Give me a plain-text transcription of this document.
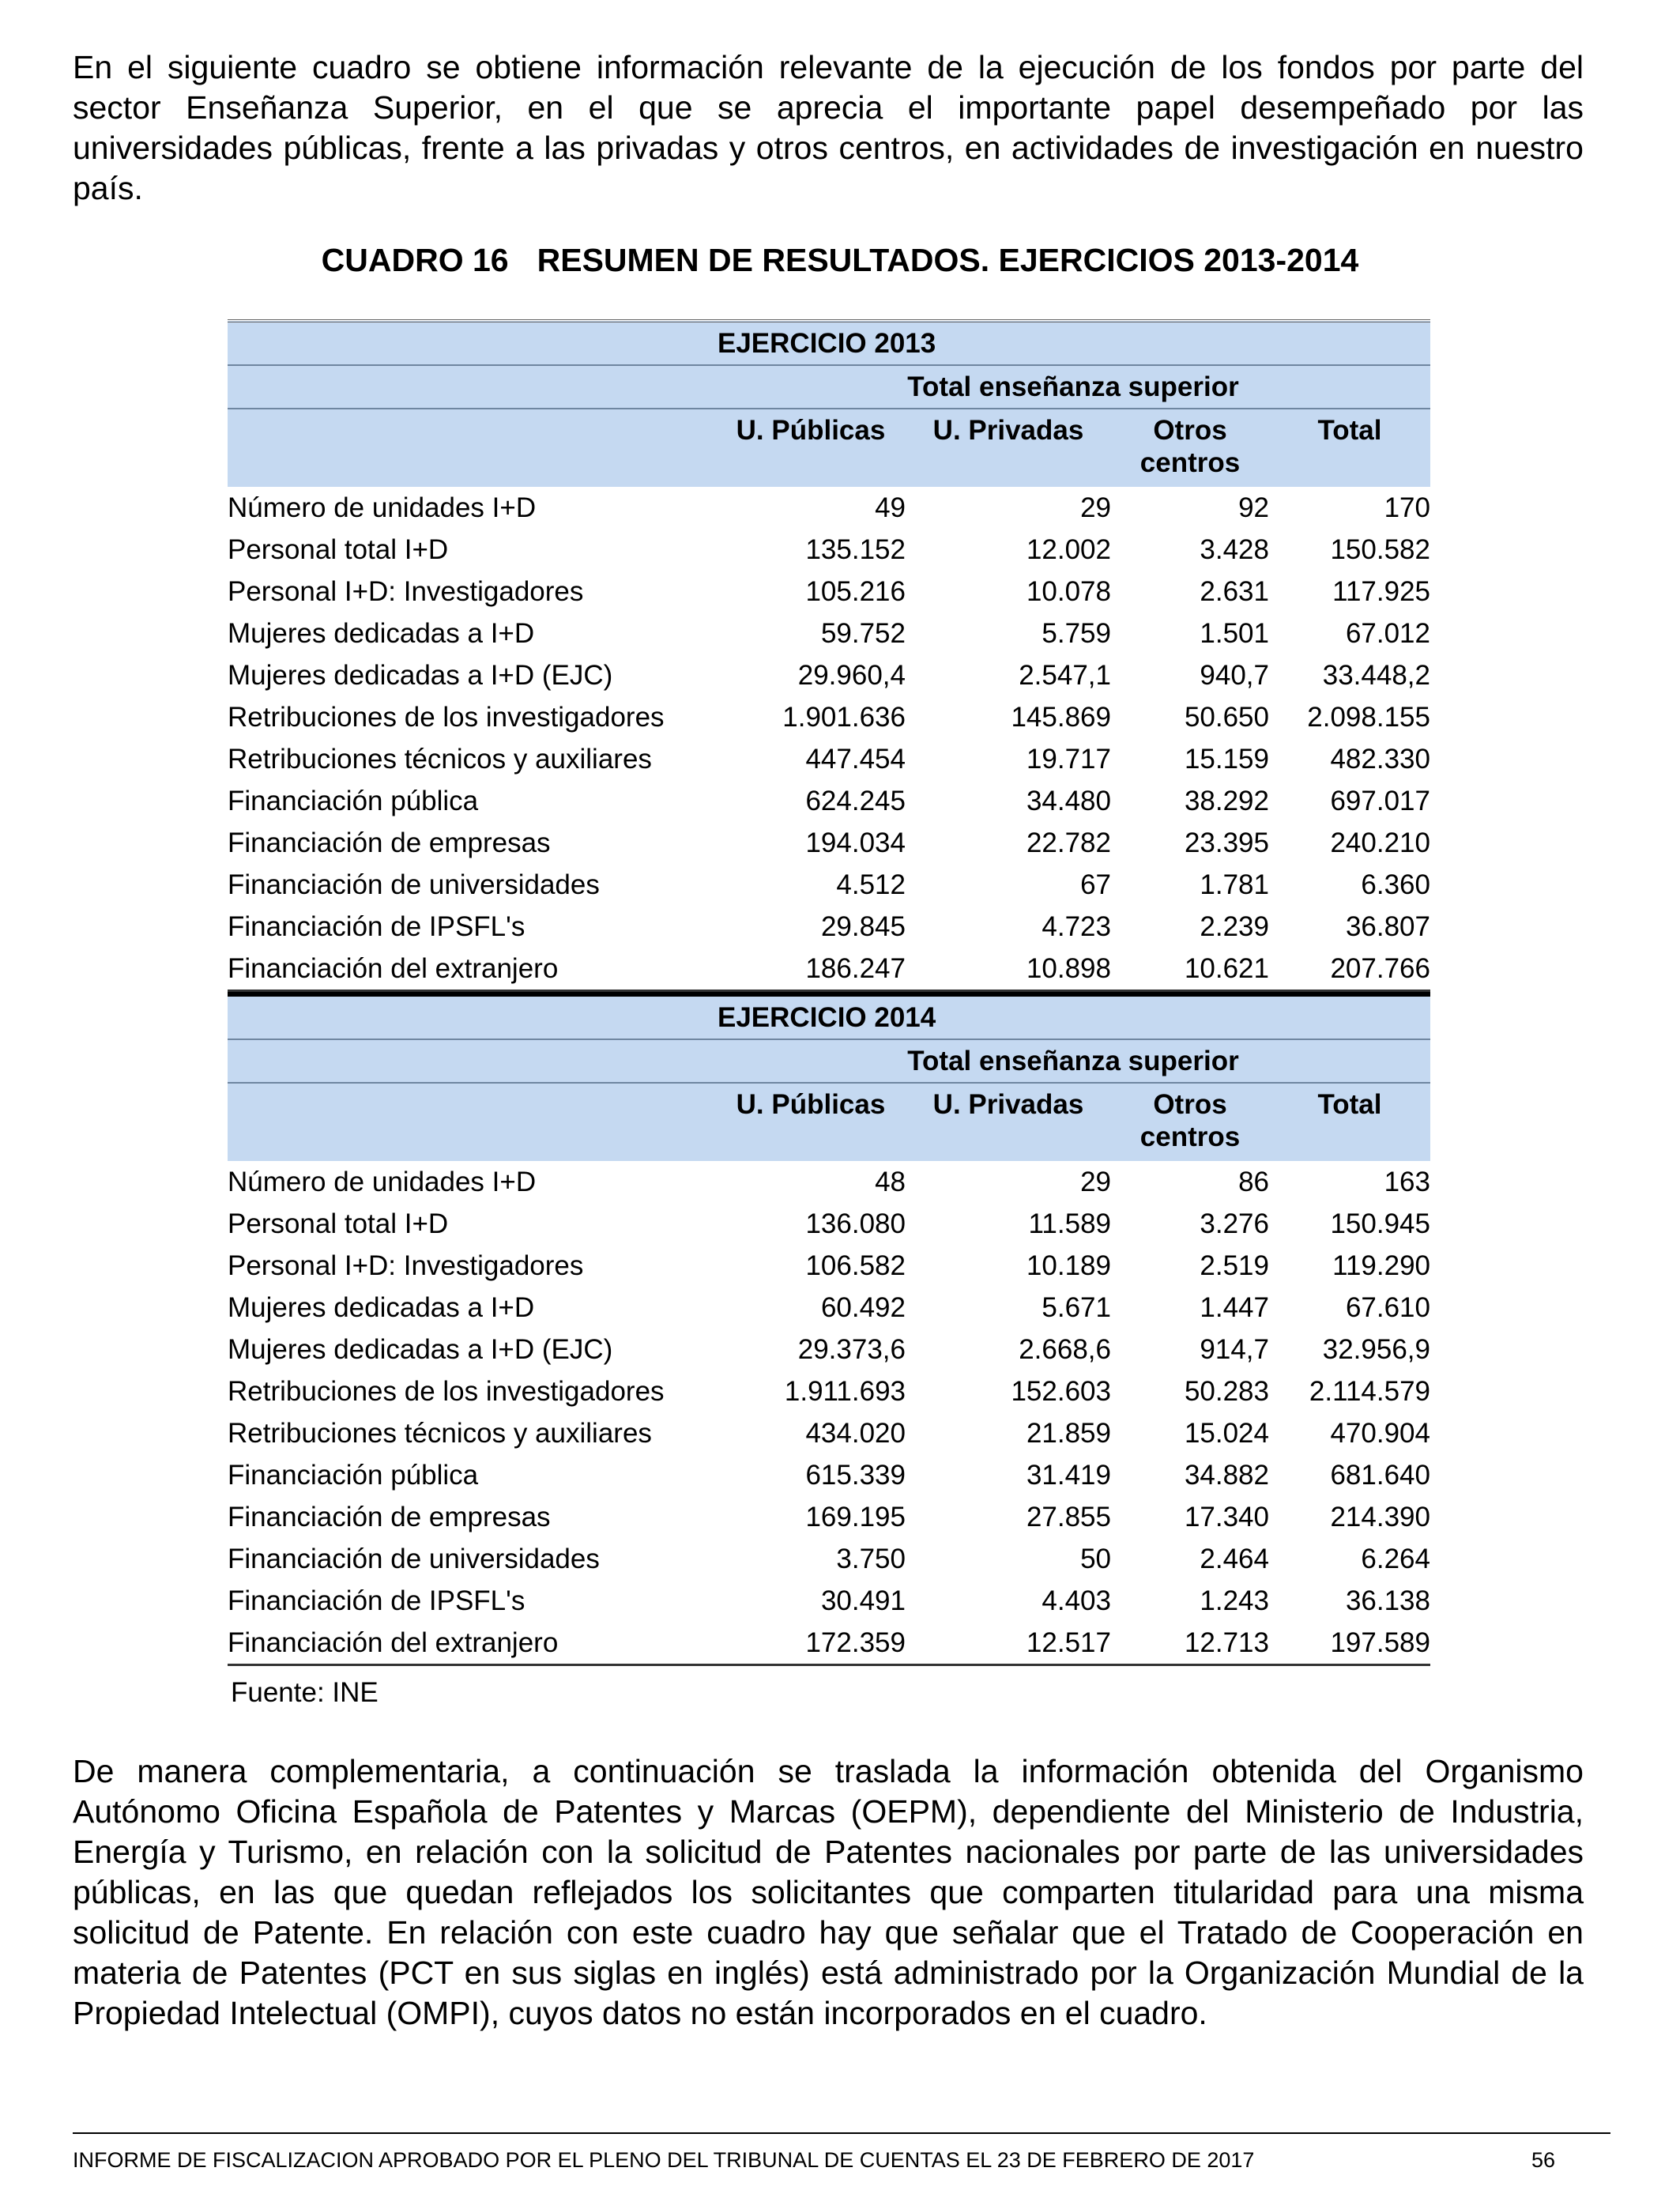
En el siguiente cuadro se obtiene información relevante de la ejecución de los fondos por parte del sector Enseñanza Superior, en el que se aprecia el importante papel desempeñado por las universidades públicas, frente a las privadas y otros centros, en actividades de investigación en nuestro país.

CUADRO 16 RESUMEN DE RESULTADOS. EJERCICIOS 2013-2014
EJERCICIO 2013				

	Total enseñanza superior			
	U. Públicas	U. Privadas	Otros centros	Total
Número de unidades I+D	49	29	92	170
Personal total I+D	135.152	12.002	3.428	150.582
Personal I+D: Investigadores	105.216	10.078	2.631	117.925
Mujeres dedicadas a I+D	59.752	5.759	1.501	67.012
Mujeres dedicadas a I+D (EJC)	29.960,4	2.547,1	940,7	33.448,2
Retribuciones de los investigadores	1.901.636	145.869	50.650	2.098.155
Retribuciones técnicos y auxiliares	447.454	19.717	15.159	482.330
Financiación pública	624.245	34.480	38.292	697.017
Financiación de empresas	194.034	22.782	23.395	240.210
Financiación de universidades	4.512	67	1.781	6.360
Financiación de IPSFL's	29.845	4.723	2.239	36.807
Financiación del extranjero	186.247	10.898	10.621	207.766
EJERCICIO 2014				

	Total enseñanza superior			
	U. Públicas	U. Privadas	Otros centros	Total
Número de unidades I+D	48	29	86	163
Personal total I+D	136.080	11.589	3.276	150.945
Personal I+D: Investigadores	106.582	10.189	2.519	119.290
Mujeres dedicadas a I+D	60.492	5.671	1.447	67.610
Mujeres dedicadas a I+D (EJC)	29.373,6	2.668,6	914,7	32.956,9
Retribuciones de los investigadores	1.911.693	152.603	50.283	2.114.579
Retribuciones técnicos y auxiliares	434.020	21.859	15.024	470.904
Financiación pública	615.339	31.419	34.882	681.640
Financiación de empresas	169.195	27.855	17.340	214.390
Financiación de universidades	3.750	50	2.464	6.264
Financiación de IPSFL's	30.491	4.403	1.243	36.138
Financiación del extranjero	172.359	12.517	12.713	197.589

Fuente: INE

De manera complementaria, a continuación se traslada la información obtenida del Organismo Autónomo Oficina Española de Patentes y Marcas (OEPM), dependiente del Ministerio de Industria, Energía y Turismo, en relación con la solicitud de Patentes nacionales por parte de las universidades públicas, en las que quedan reflejados los solicitantes que comparten titularidad para una misma solicitud de Patente. En relación con este cuadro hay que señalar que el Tratado de Cooperación en materia de Patentes (PCT en sus siglas en inglés) está administrado por la Organización Mundial de la Propiedad Intelectual (OMPI), cuyos datos no están incorporados en el cuadro.

INFORME DE FISCALIZACION APROBADO POR EL PLENO DEL TRIBUNAL DE CUENTAS EL 23 DE FEBRERO DE 2017	56
